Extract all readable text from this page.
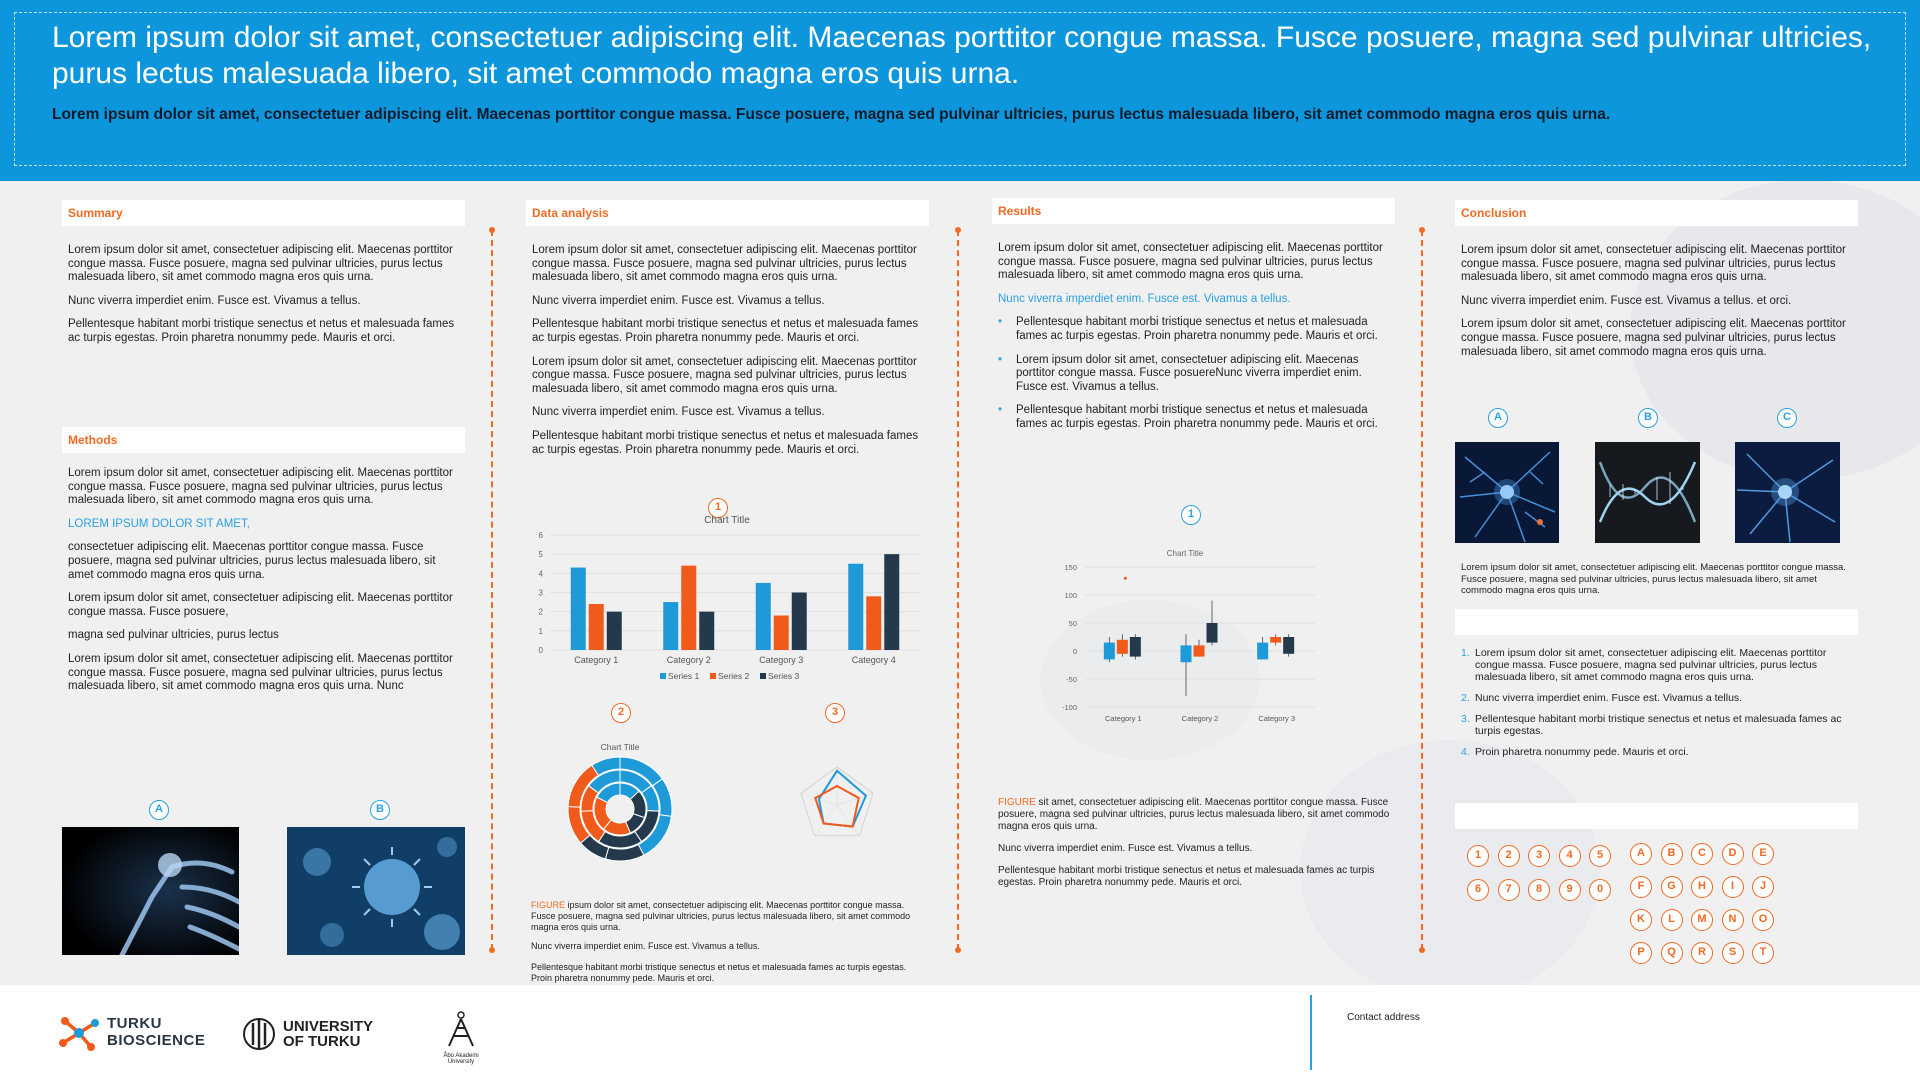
Lorem ipsum dolor sit amet, consectetuer adipiscing elit. Maecenas porttitor congue massa. Fusce posuere, magna sed pulvinar ultricies, purus lectus malesuada libero, sit amet commodo magna eros quis urna.
Lorem ipsum dolor sit amet, consectetuer adipiscing elit. Maecenas porttitor congue massa. Fusce posuere, magna sed pulvinar ultricies, purus lectus malesuada libero, sit amet commodo magna eros quis urna.
Summary

Lorem ipsum dolor sit amet, consectetuer adipiscing elit. Maecenas porttitor congue massa. Fusce posuere, magna sed pulvinar ultricies, purus lectus malesuada libero, sit amet commodo magna eros quis urna.

Nunc viverra imperdiet enim. Fusce est. Vivamus a tellus.

Pellentesque habitant morbi tristique senectus et netus et malesuada fames ac turpis egestas. Proin pharetra nonummy pede. Mauris et orci.

Methods

Lorem ipsum dolor sit amet, consectetuer adipiscing elit. Maecenas porttitor congue massa. Fusce posuere, magna sed pulvinar ultricies, purus lectus malesuada libero, sit amet commodo magna eros quis urna.

LOREM IPSUM DOLOR SIT AMET,

consectetuer adipiscing elit. Maecenas porttitor congue massa. Fusce posuere, magna sed pulvinar ultricies, purus lectus malesuada libero, sit amet commodo magna eros quis urna.

Lorem ipsum dolor sit amet, consectetuer adipiscing elit. Maecenas porttitor congue massa. Fusce posuere,

magna sed pulvinar ultricies, purus lectus

Lorem ipsum dolor sit amet, consectetuer adipiscing elit. Maecenas porttitor congue massa. Fusce posuere, magna sed pulvinar ultricies, purus lectus malesuada libero, sit amet commodo magna eros quis urna. Nunc

A	B
Data analysis

Lorem ipsum dolor sit amet, consectetuer adipiscing elit. Maecenas porttitor congue massa. Fusce posuere, magna sed pulvinar ultricies, purus lectus malesuada libero, sit amet commodo magna eros quis urna.

Nunc viverra imperdiet enim. Fusce est. Vivamus a tellus.

Pellentesque habitant morbi tristique senectus et netus et malesuada fames ac turpis egestas. Proin pharetra nonummy pede. Mauris et orci.

Lorem ipsum dolor sit amet, consectetuer adipiscing elit. Maecenas porttitor congue massa. Fusce posuere, magna sed pulvinar ultricies, purus lectus malesuada libero, sit amet commodo magna eros quis urna.

Nunc viverra imperdiet enim. Fusce est. Vivamus a tellus.

Pellentesque habitant morbi tristique senectus et netus et malesuada fames ac turpis egestas. Proin pharetra nonummy pede. Mauris et orci.

1
Chart Title
0
1
2
3
4
5
6
Category 1	Category 2	Category 3	Category 4
Series 1 Series 2 Series 3
2	3
Chart Title

FIGURE ipsum dolor sit amet, consectetuer adipiscing elit. Maecenas porttitor congue massa. Fusce posuere, magna sed pulvinar ultricies, purus lectus malesuada libero, sit amet commodo magna eros quis urna.

Nunc viverra imperdiet enim. Fusce est. Vivamus a tellus.

Pellentesque habitant morbi tristique senectus et netus et malesuada fames ac turpis egestas. Proin pharetra nonummy pede. Mauris et orci.

Results

Lorem ipsum dolor sit amet, consectetuer adipiscing elit. Maecenas porttitor congue massa. Fusce posuere, magna sed pulvinar ultricies, purus lectus malesuada libero, sit amet commodo magna eros quis urna.

Nunc viverra imperdiet enim. Fusce est. Vivamus a tellus.

• Pellentesque habitant morbi tristique senectus et netus et malesuada fames ac turpis egestas. Proin pharetra nonummy pede. Mauris et orci.
• Lorem ipsum dolor sit amet, consectetuer adipiscing elit. Maecenas porttitor congue massa. Fusce posuereNunc viverra imperdiet enim. Fusce est. Vivamus a tellus.
• Pellentesque habitant morbi tristique senectus et netus et malesuada fames ac turpis egestas. Proin pharetra nonummy pede. Mauris et orci.
1
Chart Title
150
100
50
0
-50
-100
Category 1	Category 2	Category 3

FIGURE sit amet, consectetuer adipiscing elit. Maecenas porttitor congue massa. Fusce posuere, magna sed pulvinar ultricies, purus lectus malesuada libero, sit amet commodo magna eros quis urna.

Nunc viverra imperdiet enim. Fusce est. Vivamus a tellus.

Pellentesque habitant morbi tristique senectus et netus et malesuada fames ac turpis egestas. Proin pharetra nonummy pede. Mauris et orci.

Conclusion

Lorem ipsum dolor sit amet, consectetuer adipiscing elit. Maecenas porttitor congue massa. Fusce posuere, magna sed pulvinar ultricies, purus lectus malesuada libero, sit amet commodo magna eros quis urna.

Nunc viverra imperdiet enim. Fusce est. Vivamus a tellus. et orci.

Lorem ipsum dolor sit amet, consectetuer adipiscing elit. Maecenas porttitor congue massa. Fusce posuere, magna sed pulvinar ultricies, purus lectus malesuada libero, sit amet commodo magna eros quis urna.

A	B	C
Lorem ipsum dolor sit amet, consectetuer adipiscing elit. Maecenas porttitor congue massa. Fusce posuere, magna sed pulvinar ultricies, purus lectus malesuada libero, sit amet commodo magna eros quis urna.
1. Lorem ipsum dolor sit amet, consectetuer adipiscing elit. Maecenas porttitor congue massa. Fusce posuere, magna sed pulvinar ultricies, purus lectus malesuada libero, sit amet commodo magna eros quis urna.
2. Nunc viverra imperdiet enim. Fusce est. Vivamus a tellus.
3. Pellentesque habitant morbi tristique senectus et netus et malesuada fames ac turpis egestas.
4. Proin pharetra nonummy pede. Mauris et orci.
1	2	3	4	5
6	7	8	9	0
A	B	C	D	E
F	G	H	I	J
K	L	M	N	O
P	Q	R	S	T
TURKU
BIOSCIENCE
UNIVERSITY
OF TURKU
Åbo Akademi
University
Contact address
